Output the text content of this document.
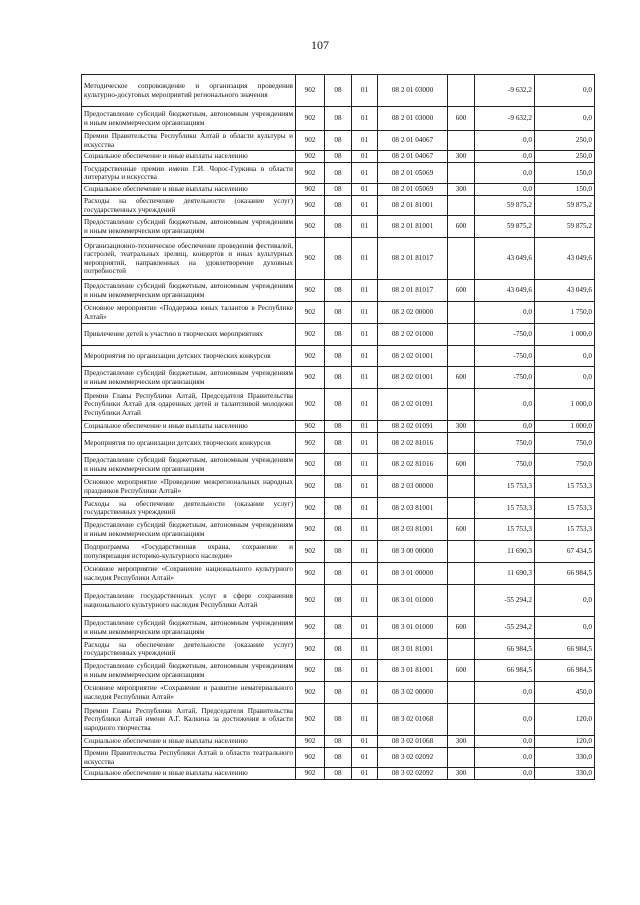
107
Методическое сопровождение и организация проведения культурно-досуговых мероприятий регионального значения	902	08	01	08 2 01 03000		-9 632,2	0,0
Предоставление субсидий бюджетным, автономным учреждениям и иным некоммерческим организациям	902	08	01	08 2 01 03000	600	-9 632,2	0,0
Премии Правительства Республики Алтай в области культуры и искусства	902	08	01	08 2 01 04067		0,0	250,0
Социальное обеспечение и иные выплаты населению	902	08	01	08 2 01 04067	300	0,0	250,0
Государственные премии имени Г.И. Чорос-Гуркина в области литературы и искусства	902	08	01	08 2 01 05069		0,0	150,0
Социальное обеспечение и иные выплаты населению	902	08	01	08 2 01 05069	300	0,0	150,0
Расходы на обеспечение деятельности (оказание услуг) государственных учреждений	902	08	01	08 2 01 81001		59 875,2	59 875,2
Предоставление субсидий бюджетным, автономным учреждениям и иным некоммерческим организациям	902	08	01	08 2 01 81001	600	59 875,2	59 875,2
Организационно-техническое обеспечение проведения фестивалей, гастролей, театральных зрелищ, концертов и иных культурных мероприятий, направленных на удовлетворение духовных потребностей	902	08	01	08 2 01 81017		43 049,6	43 049,6
Предоставление субсидий бюджетным, автономным учреждениям и иным некоммерческим организациям	902	08	01	08 2 01 81017	600	43 049,6	43 049,6
Основное мероприятие «Поддержка юных талантов в Республике Алтай»	902	08	01	08 2 02 00000		0,0	1 750,0
Привлечение детей к участию в творческих мероприятиях	902	08	01	08 2 02 01000		-750,0	1 000,0
Мероприятия по организации детских творческих конкурсов	902	08	01	08 2 02 01001		-750,0	0,0
Предоставление субсидий бюджетным, автономным учреждениям и иным некоммерческим организациям	902	08	01	08 2 02 01001	600	-750,0	0,0
Премии Главы Республики Алтай, Председателя Правительства Республики Алтай для одаренных детей и талантливой молодежи Республики Алтай	902	08	01	08 2 02 01091		0,0	1 000,0
Социальное обеспечение и иные выплаты населению	902	08	01	08 2 02 01091	300	0,0	1 000,0
Мероприятия по организации детских творческих конкурсов	902	08	01	08 2 02 81016		750,0	750,0
Предоставление субсидий бюджетным, автономным учреждениям и иным некоммерческим организациям	902	08	01	08 2 02 81016	600	750,0	750,0
Основное мероприятие «Проведение межрегиональных народных праздников Республики Алтай»	902	08	01	08 2 03 00000		15 753,3	15 753,3
Расходы на обеспечение деятельности (оказание услуг) государственных учреждений	902	08	01	08 2 03 81001		15 753,3	15 753,3
Предоставление субсидий бюджетным, автономным учреждениям и иным некоммерческим организациям	902	08	01	08 2 03 81001	600	15 753,3	15 753,3
Подпрограмма «Государственная охрана, сохранение и популяризация историко-культурного наследия»	902	08	01	08 3 00 00000		11 690,3	67 434,5
Основное мероприятие «Сохранение национального культурного наследия Республики Алтай»	902	08	01	08 3 01 00000		11 690,3	66 984,5
Предоставление государственных услуг в сфере сохранения национального культурного наследия Республики Алтай	902	08	01	08 3 01 01000		-55 294,2	0,0
Предоставление субсидий бюджетным, автономным учреждениям и иным некоммерческим организациям	902	08	01	08 3 01 01000	600	-55 294,2	0,0
Расходы на обеспечение деятельности (оказание услуг) государственных учреждений	902	08	01	08 3 01 81001		66 984,5	66 984,5
Предоставление субсидий бюджетным, автономным учреждениям и иным некоммерческим организациям	902	08	01	08 3 01 81001	600	66 984,5	66 984,5
Основное мероприятие «Сохранение и развитие нематериального наследия Республики Алтай»	902	08	01	08 3 02 00000		0,0	450,0
Премии Главы Республики Алтай, Председателя Правительства Республики Алтай имени А.Г. Калкина за достижения в области народного творчества	902	08	01	08 3 02 01068		0,0	120,0
Социальное обеспечение и иные выплаты населению	902	08	01	08 3 02 01068	300	0,0	120,0
Премии Правительства Республики Алтай в области театрального искусства	902	08	01	08 3 02 02092		0,0	330,0
Социальное обеспечение и иные выплаты населению	902	08	01	08 3 02 02092	300	0,0	330,0
